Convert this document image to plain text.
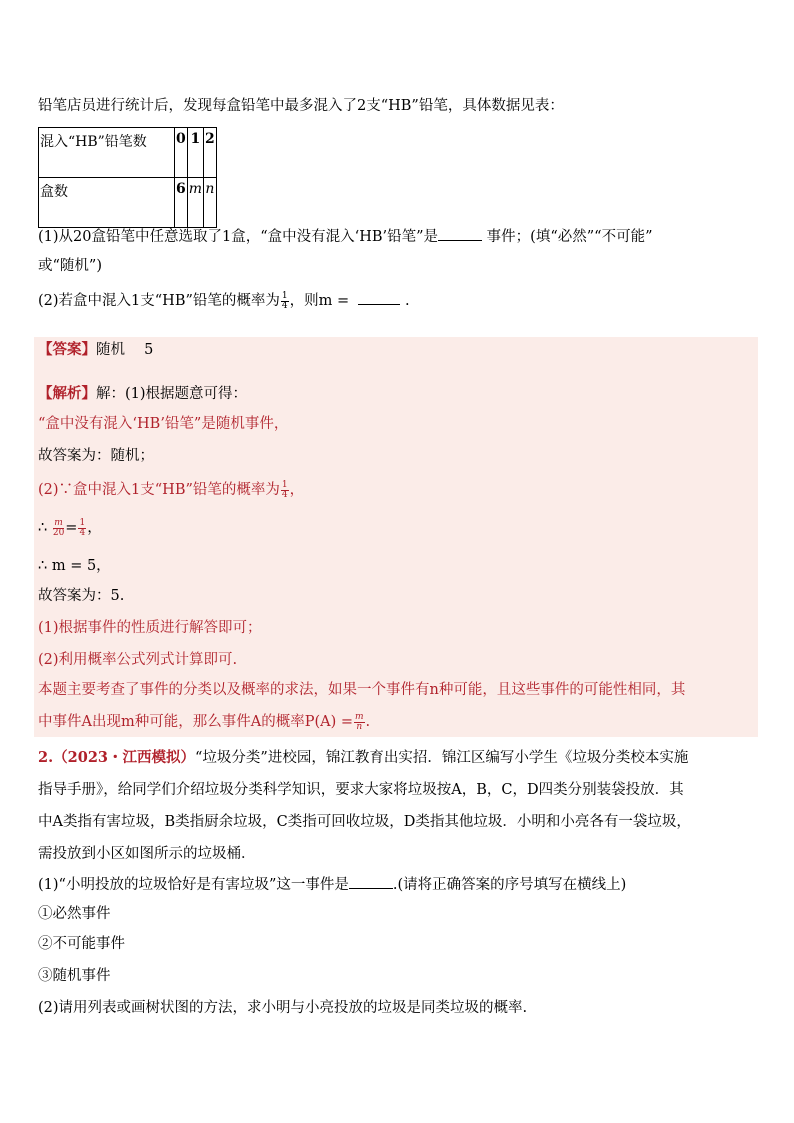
铅笔店员进行统计后，发现每盒铅笔中最多混入了2支“HB”铅笔，具体数据见表：
混入“HB”铅笔数	0	1	2
盒数	6	m	n
(1)从20盒铅笔中任意选取了1盒，“盒中没有混入‘HB’铅笔”是	事件；(填“必然”“不可能”
或“随机”)
(2)若盒中混入1支“HB”铅笔的概率为 $\frac{1}{4}$ ，则m =	.
【答案】随机　 5
【解析】解：(1)根据题意可得：
“盒中没有混入‘HB’铅笔”是随机事件，
故答案为：随机；
(2)∵盒中混入1支“HB”铅笔的概率为 $\frac{1}{4}$ ，
∴ $\frac{m}{20} = \frac{1}{4}$ ，
∴ m = 5，
故答案为：5.
(1)根据事件的性质进行解答即可；
(2)利用概率公式列式计算即可.
本题主要考查了事件的分类以及概率的求法，如果一个事件有n种可能，且这些事件的可能性相同，其
中事件A出现m种可能，那么事件A的概率$P(A) = \frac{m}{n}$ .
2.（2023・江西模拟）“垃圾分类”进校园，锦江教育出实招．锦江区编写小学生《垃圾分类校本实施
指导手册》，给同学们介绍垃圾分类科学知识，要求大家将垃圾按A，B，C，D四类分别装袋投放．其
中A类指有害垃圾，B类指厨余垃圾，C类指可回收垃圾，D类指其他垃圾．小明和小亮各有一袋垃圾，
需投放到小区如图所示的垃圾桶．
(1)“小明投放的垃圾恰好是有害垃圾”这一事件是	.(请将正确答案的序号填写在横线上)
①必然事件
②不可能事件
③随机事件
(2)请用列表或画树状图的方法，求小明与小亮投放的垃圾是同类垃圾的概率.
